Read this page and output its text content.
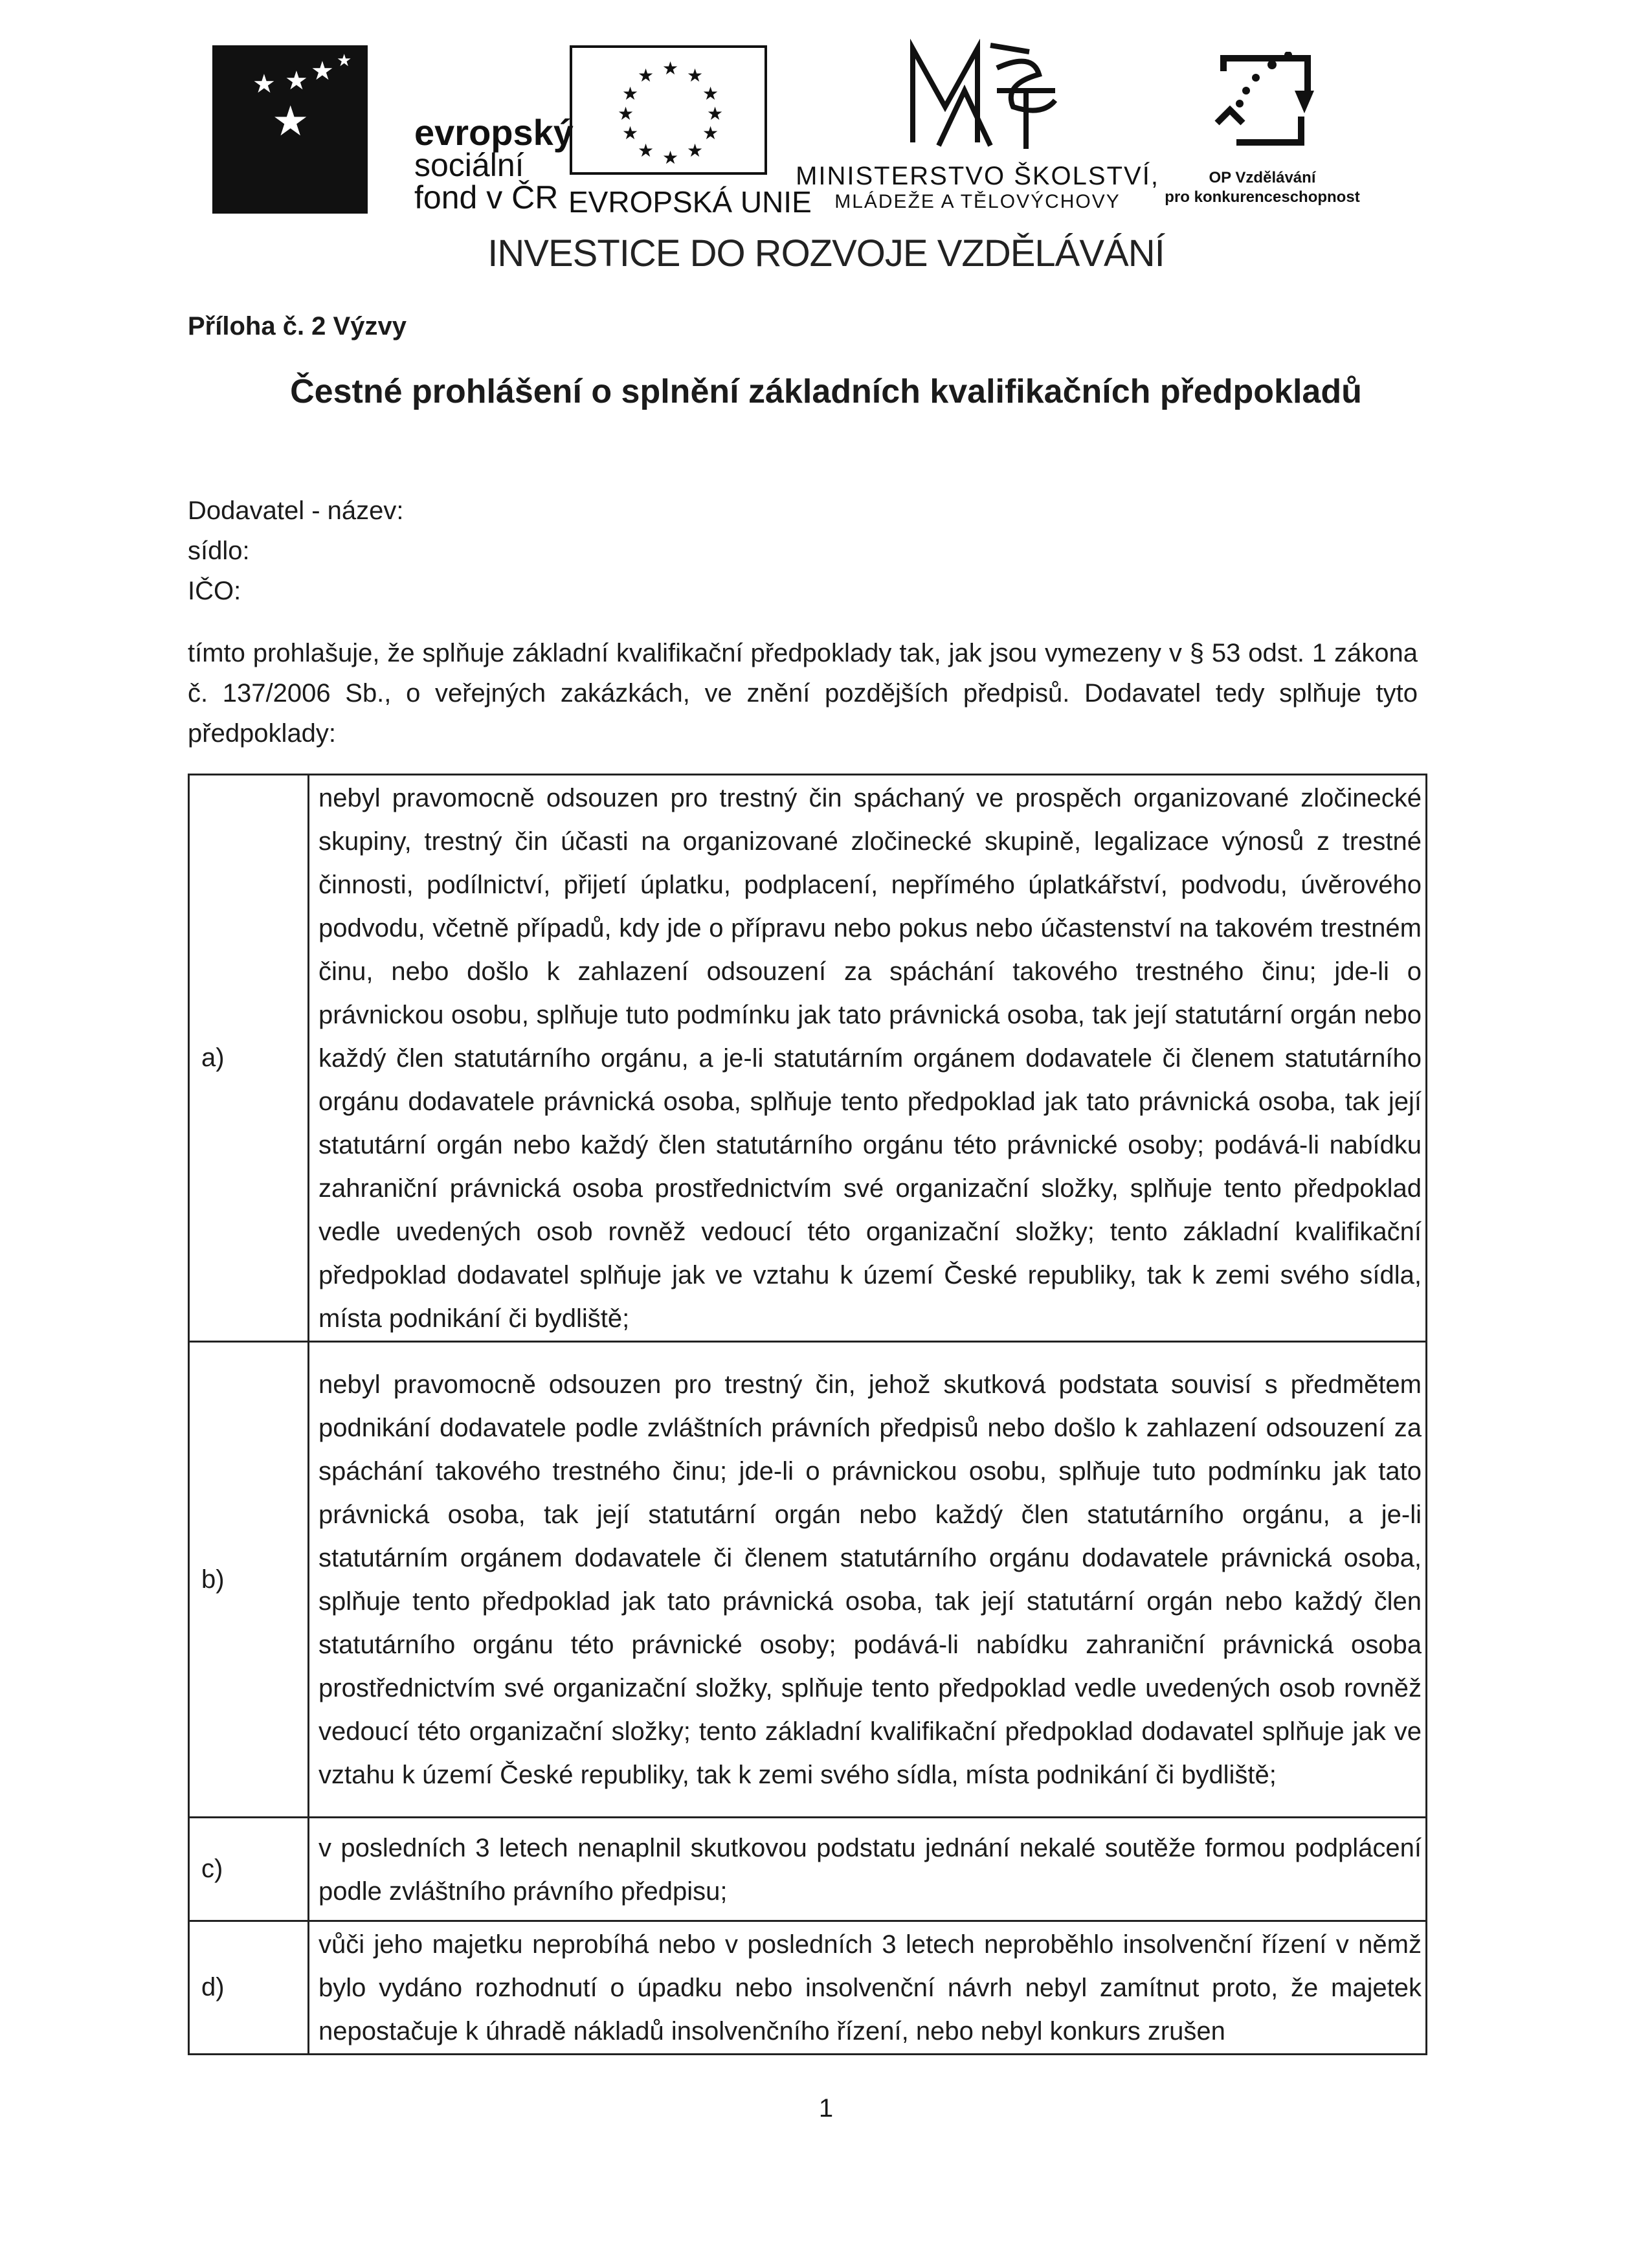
★ ★ ★
★
★
evropský
sociální
fond v ČR
★ ★
★
★
★
★
★
★
★
★
★
★
EVROPSKÁ UNIE
MINISTERSTVO ŠKOLSTVÍ,
MLÁDEŽE A TĚLOVÝCHOVY
OP Vzdělávání
pro konkurenceschopnost
INVESTICE DO ROZVOJE VZDĚLÁVÁNÍ
Příloha č. 2 Výzvy
Čestné prohlášení o splnění základních kvalifikačních předpokladů
Dodavatel - název:
sídlo:
IČO:
tímto prohlašuje, že splňuje základní kvalifikační předpoklady tak, jak jsou vymezeny v § 53 odst. 1 zákona č. 137/2006 Sb., o veřejných zakázkách, ve znění pozdějších předpisů. Dodavatel tedy splňuje tyto předpoklady:
a)	nebyl pravomocně odsouzen pro trestný čin spáchaný ve prospěch organizované zločinecké skupiny, trestný čin účasti na organizované zločinecké skupině, legalizace výnosů z trestné činnosti, podílnictví, přijetí úplatku, podplacení, nepřímého úplatkářství, podvodu, úvěrového podvodu, včetně případů, kdy jde o přípravu nebo pokus nebo účastenství na takovém trestném činu, nebo došlo k zahlazení odsouzení za spáchání takového trestného činu; jde-li o právnickou osobu, splňuje tuto podmínku jak tato právnická osoba, tak její statutární orgán nebo každý člen statutárního orgánu, a je-li statutárním orgánem dodavatele či členem statutárního orgánu dodavatele právnická osoba, splňuje tento předpoklad jak tato právnická osoba, tak její statutární orgán nebo každý člen statutárního orgánu této právnické osoby; podává-li nabídku zahraniční právnická osoba prostřednictvím své organizační složky, splňuje tento předpoklad vedle uvedených osob rovněž vedoucí této organizační složky; tento základní kvalifikační předpoklad dodavatel splňuje jak ve vztahu k území České republiky, tak k zemi svého sídla, místa podnikání či bydliště;
b)	nebyl pravomocně odsouzen pro trestný čin, jehož skutková podstata souvisí s předmětem podnikání dodavatele podle zvláštních právních předpisů nebo došlo k zahlazení odsouzení za spáchání takového trestného činu; jde-li o právnickou osobu, splňuje tuto podmínku jak tato právnická osoba, tak její statutární orgán nebo každý člen statutárního orgánu, a je-li statutárním orgánem dodavatele či členem statutárního orgánu dodavatele právnická osoba, splňuje tento předpoklad jak tato právnická osoba, tak její statutární orgán nebo každý člen statutárního orgánu této právnické osoby; podává-li nabídku zahraniční právnická osoba prostřednictvím své organizační složky, splňuje tento předpoklad vedle uvedených osob rovněž vedoucí této organizační složky; tento základní kvalifikační předpoklad dodavatel splňuje jak ve vztahu k území České republiky, tak k zemi svého sídla, místa podnikání či bydliště;
c)	v posledních 3 letech nenaplnil skutkovou podstatu jednání nekalé soutěže formou podplácení podle zvláštního právního předpisu;
d)	vůči jeho majetku neprobíhá nebo v posledních 3 letech neproběhlo insolvenční řízení v němž bylo vydáno rozhodnutí o úpadku nebo insolvenční návrh nebyl zamítnut proto, že majetek nepostačuje k úhradě nákladů insolvenčního řízení, nebo nebyl konkurs zrušen
1
